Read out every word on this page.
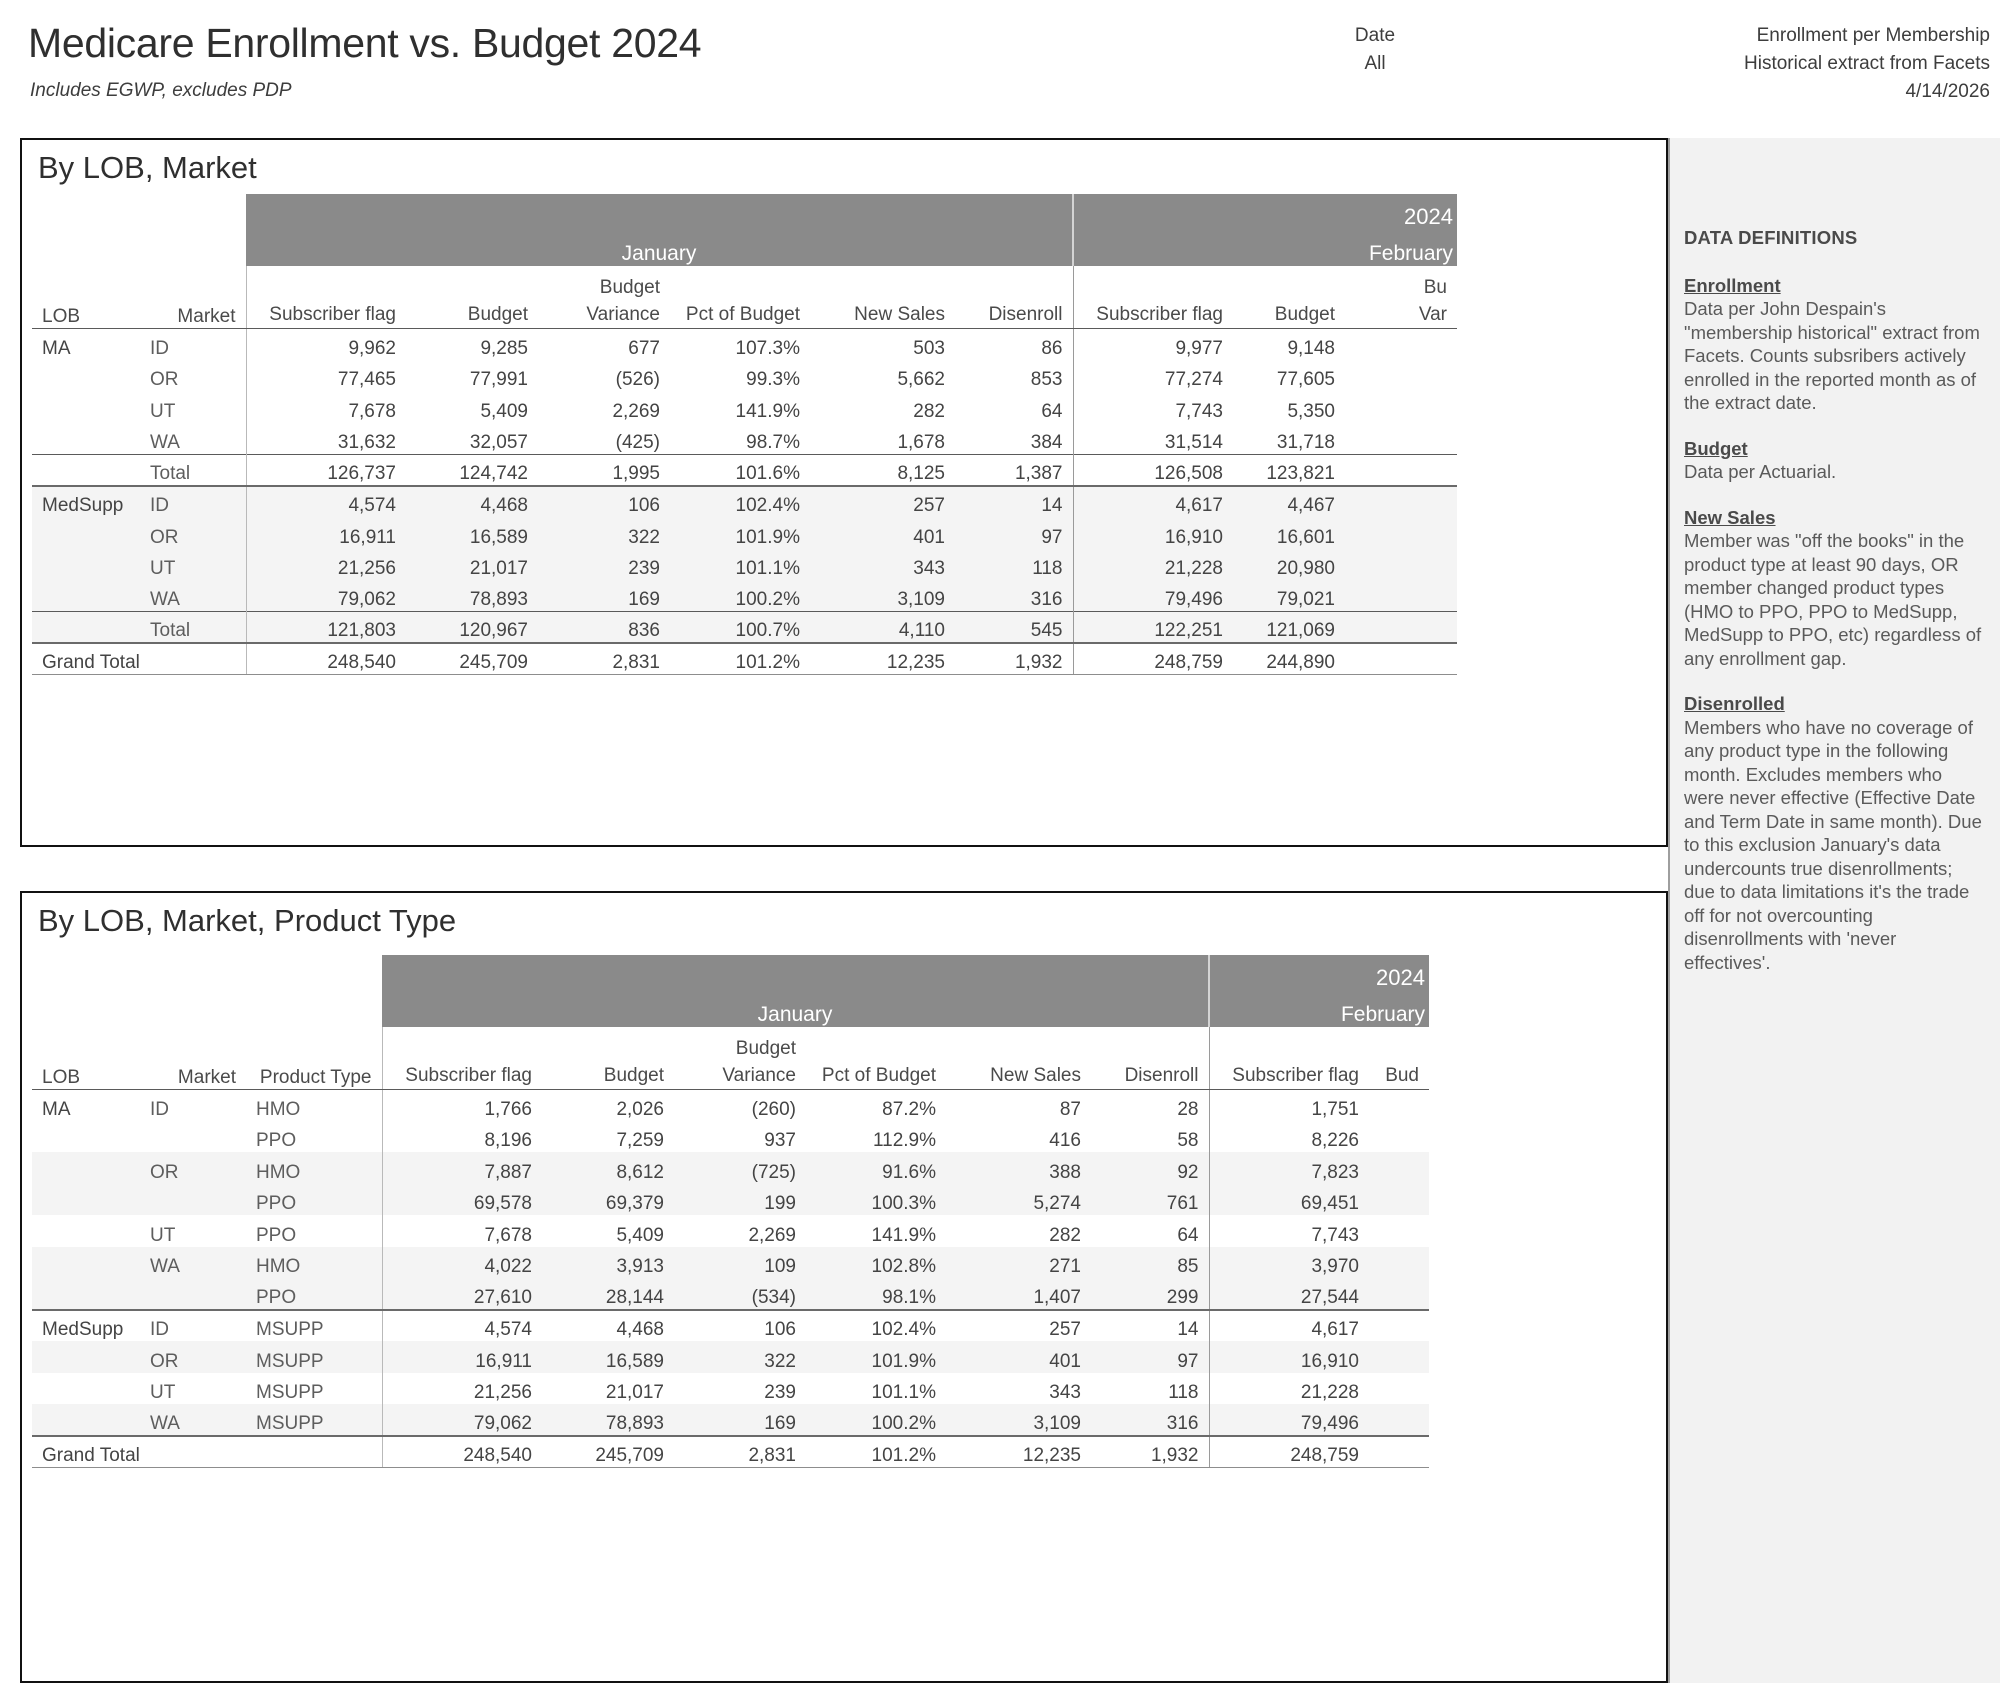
Medicare Enrollment vs. Budget 2024
Includes EGWP, excludes PDP
Date
All
Enrollment per Membership
Historical extract from Facets
4/14/2026
DATA DEFINITIONS
Enrollment
Data per John Despain's "membership historical" extract from Facets. Counts subsribers actively enrolled in the reported month as of the extract date.
Budget
Data per Actuarial.
New Sales
Member was "off the books" in the product type at least 90 days, OR member changed product types (HMO to PPO, PPO to MedSupp, MedSupp to PPO, etc) regardless of any enrollment gap.
Disenrolled
Members who have no coverage of any product type in the following month. Excludes members who were never effective (Effective Date and Term Date in same month). Due to this exclusion January's data undercounts true disenrollments; due to data limitations it's the trade off for not overcounting disenrollments with 'never effectives'.
By LOB, Market
								2024		
		January						February		
LOB	Market	Subscriber flag	Budget	Budget
Variance	Pct of Budget	New Sales	Disenroll	Subscriber flag	Budget	Bu
Var

MA	ID	9,962	9,285	677	107.3%	503	86	9,977	9,148	
	OR	77,465	77,991	(526)	99.3%	5,662	853	77,274	77,605	
	UT	7,678	5,409	2,269	141.9%	282	64	7,743	5,350	
	WA	31,632	32,057	(425)	98.7%	1,678	384	31,514	31,718	
	Total	126,737	124,742	1,995	101.6%	8,125	1,387	126,508	123,821	
MedSupp	ID	4,574	4,468	106	102.4%	257	14	4,617	4,467	
	OR	16,911	16,589	322	101.9%	401	97	16,910	16,601	
	UT	21,256	21,017	239	101.1%	343	118	21,228	20,980	
	WA	79,062	78,893	169	100.2%	3,109	316	79,496	79,021	
	Total	121,803	120,967	836	100.7%	4,110	545	122,251	121,069	
Grand Total		248,540	245,709	2,831	101.2%	12,235	1,932	248,759	244,890	
By LOB, Market, Product Type
									2024	
			January						February	
LOB	Market	Product Type	Subscriber flag	Budget	Budget
Variance	Pct of Budget	New Sales	Disenroll	Subscriber flag	Bud

MA	ID	HMO	1,766	2,026	(260)	87.2%	87	28	1,751	
		PPO	8,196	7,259	937	112.9%	416	58	8,226	
	OR	HMO	7,887	8,612	(725)	91.6%	388	92	7,823	
		PPO	69,578	69,379	199	100.3%	5,274	761	69,451	
	UT	PPO	7,678	5,409	2,269	141.9%	282	64	7,743	
	WA	HMO	4,022	3,913	109	102.8%	271	85	3,970	
		PPO	27,610	28,144	(534)	98.1%	1,407	299	27,544	
MedSupp	ID	MSUPP	4,574	4,468	106	102.4%	257	14	4,617	
	OR	MSUPP	16,911	16,589	322	101.9%	401	97	16,910	
	UT	MSUPP	21,256	21,017	239	101.1%	343	118	21,228	
	WA	MSUPP	79,062	78,893	169	100.2%	3,109	316	79,496	
Grand Total			248,540	245,709	2,831	101.2%	12,235	1,932	248,759	
